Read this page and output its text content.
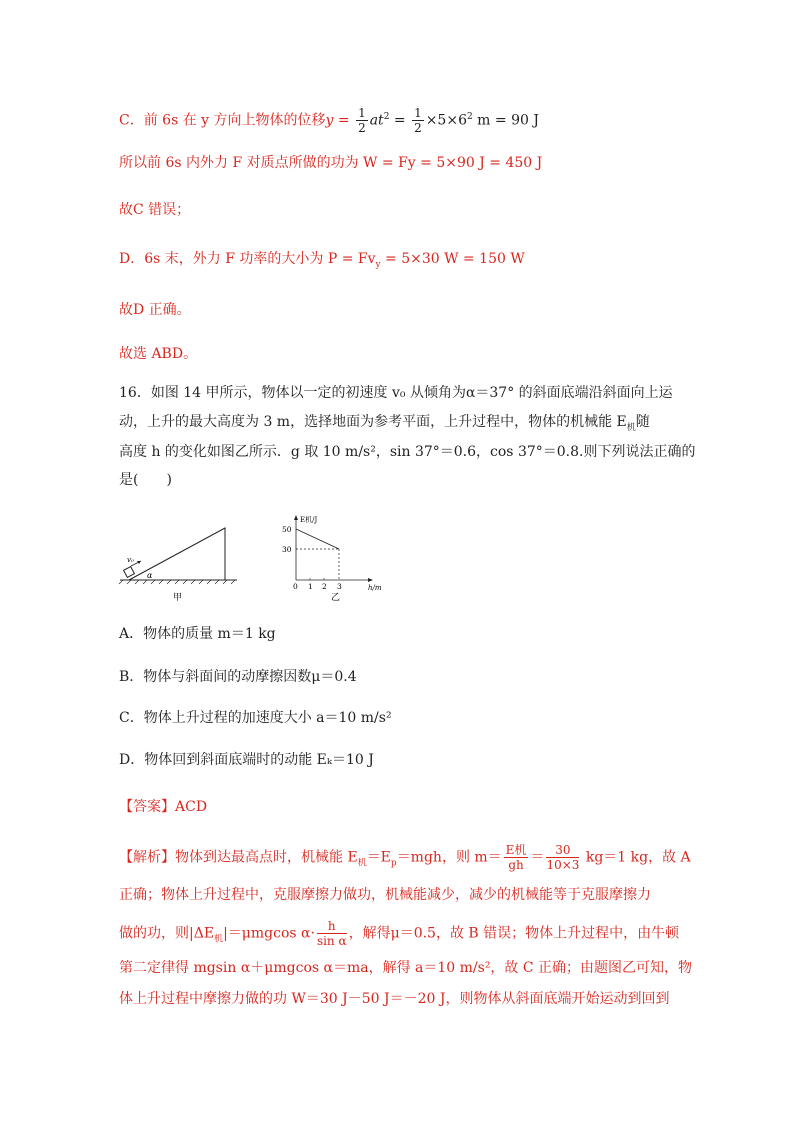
C．前 6s 在 y 方向上物体的位移$y = \frac{1}{2} at^2 = \frac{1}{2} \times 5\times 6^2$ m = 90 J
所以前 6s 内外力 F 对质点所做的功为 W = Fy = 5×90 J = 450 J
故C 错误；
D．6s 末，外力 F 功率的大小为 $P = Fv_y = 5\times 30$ W = 150 W
故D 正确。
故选 ABD。
16．如图 14 甲所示，物体以一定的初速度 v₀ 从倾角为α＝37° 的斜面底端沿斜面向上运
动，上升的最大高度为 3 m，选择地面为参考平面，上升过程中，物体的机械能 $E_机$随
高度 h 的变化如图乙所示．g 取 10 m/s²，sin 37°＝0.6，cos 37°＝0.8.则下列说法正确的
是(　　)
v₀
α
甲
E机/J
50
30
0 1 2 3	h/m
乙
A．物体的质量 m＝1 kg
B．物体与斜面间的动摩擦因数μ＝0.4
C．物体上升过程的加速度大小 a＝10 m/s²
D．物体回到斜面底端时的动能 Eₖ＝10 J
【答案】ACD
【解析】物体到达最高点时，机械能 $E_机=E_p=mgh$，则 $m= \frac{\text{E机}}{gh} = \frac{30}{10\times 3} kg=1$ kg，故 A
正确；物体上升过程中，克服摩擦力做功，机械能减少，减少的机械能等于克服摩擦力
做的功，则$|\Delta E_机|=\mu mgcos$ $\alpha\cdot \frac{h}{\text{sin α}}$ ，解得μ＝0.5，故 B 错误；物体上升过程中，由牛顿
第二定律得 mgsin α＋μmgcos α＝ma，解得 a＝10 m/s²，故 C 正确；由题图乙可知，物
体上升过程中摩擦力做的功 W＝30 J－50 J＝－20 J，则物体从斜面底端开始运动到回到
